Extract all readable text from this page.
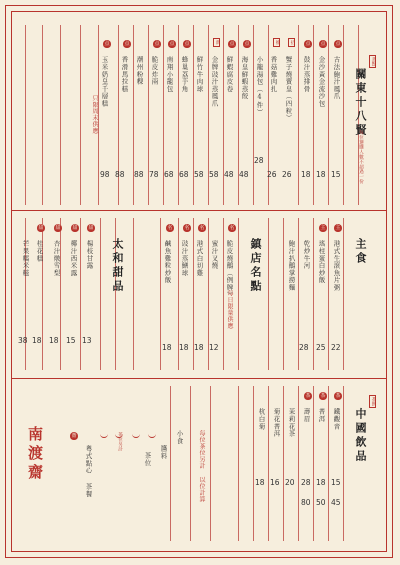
蒸點
關東十八賢
每位選購人數不超過一份
点
古法鮑汁鳳爪
15
点
金沙黃金流沙包
18
点
鼓汁蒸排骨
18
招
蟹子燒賣皇（四粒）
26
推
香菇雞肉扎
26
点
小籠湯包（4件）
28
海皇鮮蝦蒸餃
48
点
鮮蝦腐皮卷
48
新
金牌豉汁蒸鳳爪
58
鮮竹牛肉球
58
点
蜂巢荔芋角
68
点
南翔小籠包
68
点
脆皮炸兩
78
点
潮州粉粿
88
香滑馬拉糕
88
点
玉米奶皇千層糕
只限周末供應
98
主食
主
港式生滾魚片粥
22
主
瑤柱蛋白炒飯
25
乾炒牛河
28
鮑汁扒鵝掌撈麵
鎮店名點
名
脆皮燒鵝（例牌）
每日限量供應
蜜汁叉燒
12
名
港式白切雞
18
名
豉汁蒸鱔球
18
名
鹹魚雞粒炒飯
18
太和甜品
甜
楊枝甘露
13
甜
椰汁西米露
15
甜
杏汁燉雪梨
18
甜
桂花糕
18
芒果糯米糍
38
茶飲
中國飲品
茶
鐵觀音
15
45
茶
普洱
18
50
茶
壽眉
28
80
茉莉花茶
20
菊花普洱
16
杭白菊
18
每位茶位另計 以位計算
小食
醬料
茶位
茶位另計
齋
粵式點心 茶餐
南渡齋
